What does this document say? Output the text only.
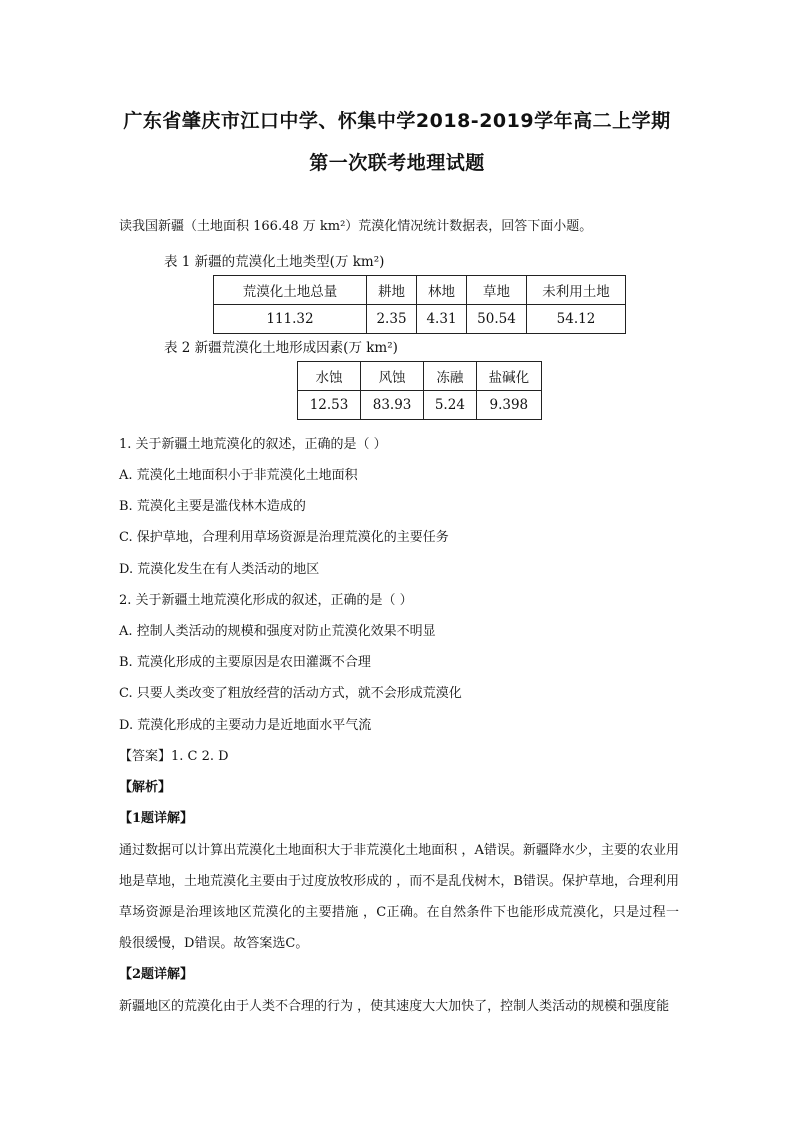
广东省肇庆市江口中学、怀集中学2018-2019学年高二上学期
第一次联考地理试题
读我国新疆（土地面积 166.48 万 km²）荒漠化情况统计数据表，回答下面小题。
表 1 新疆的荒漠化土地类型(万 km²)
荒漠化土地总量	耕地	林地	草地	未利用土地
111.32	2.35	4.31	50.54	54.12
表 2 新疆荒漠化土地形成因素(万 km²)
水蚀	风蚀	冻融	盐碱化
12.53	83.93	5.24	9.398
1. 关于新疆土地荒漠化的叙述，正确的是（ ）
A. 荒漠化土地面积小于非荒漠化土地面积
B. 荒漠化主要是滥伐林木造成的
C. 保护草地，合理利用草场资源是治理荒漠化的主要任务
D. 荒漠化发生在有人类活动的地区
2. 关于新疆土地荒漠化形成的叙述，正确的是（ ）
A. 控制人类活动的规模和强度对防止荒漠化效果不明显
B. 荒漠化形成的主要原因是农田灌溉不合理
C. 只要人类改变了粗放经营的活动方式，就不会形成荒漠化
D. 荒漠化形成的主要动力是近地面水平气流
【答案】1. C 2. D
【解析】
【1题详解】
通过数据可以计算出荒漠化土地面积大于非荒漠化土地面积 ，A错误。新疆降水少，主要的农业用地是草地，土地荒漠化主要由于过度放牧形成的 ，而不是乱伐树木，B错误。保护草地，合理利用草场资源是治理该地区荒漠化的主要措施 ，C正确。在自然条件下也能形成荒漠化，只是过程一般很缓慢，D错误。故答案选C。
【2题详解】
新疆地区的荒漠化由于人类不合理的行为 ，使其速度大大加快了，控制人类活动的规模和强度能
